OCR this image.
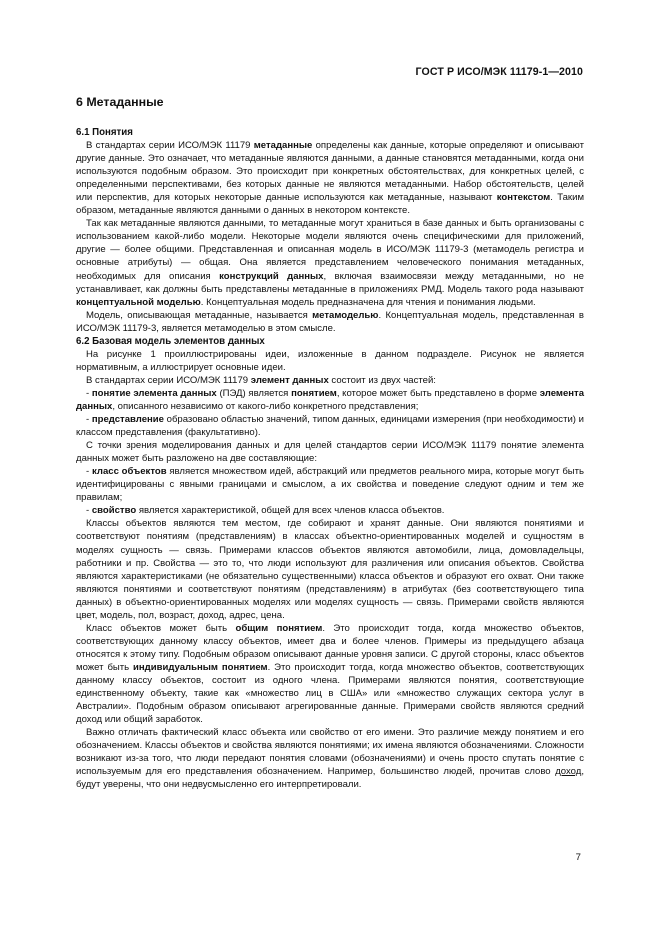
ГОСТ Р ИСО/МЭК 11179-1—2010
6 Метаданные

6.1 Понятия

В стандартах серии ИСО/МЭК 11179 метаданные определены как данные, которые определяют и описывают другие данные. Это означает, что метаданные являются данными, а данные становятся метаданными, когда они используются подобным образом. Это происходит при конкретных обстоятельствах, для конкретных целей, с определенными перспективами, без которых данные не являются метаданными. Набор обстоятельств, целей или перспектив, для которых некоторые данные используются как метаданные, называют контекстом. Таким образом, метаданные являются данными о данных в некотором контексте.

Так как метаданные являются данными, то метаданные могут храниться в базе данных и быть организованы с использованием какой-либо модели. Некоторые модели являются очень специфическими для приложений, другие — более общими. Представленная и описанная модель в ИСО/МЭК 11179-3 (метамодель регистра и основные атрибуты) — общая. Она является представлением человеческого понимания метаданных, необходимых для описания конструкций данных, включая взаимосвязи между метаданными, но не устанавливает, как должны быть представлены метаданные в приложениях РМД. Модель такого рода называют концептуальной моделью. Концептуальная модель предназначена для чтения и понимания людьми.

Модель, описывающая метаданные, называется метамоделью. Концептуальная модель, представленная в ИСО/МЭК 11179-3, является метамоделью в этом смысле.

6.2 Базовая модель элементов данных

На рисунке 1 проиллюстрированы идеи, изложенные в данном подразделе. Рисунок не является нормативным, а иллюстрирует основные идеи.

В стандартах серии ИСО/МЭК 11179 элемент данных состоит из двух частей:

- понятие элемента данных (ПЭД) является понятием, которое может быть представлено в форме элемента данных, описанного независимо от какого-либо конкретного представления;

- представление образовано областью значений, типом данных, единицами измерения (при необходимости) и классом представления (факультативно).

С точки зрения моделирования данных и для целей стандартов серии ИСО/МЭК 11179 понятие элемента данных может быть разложено на две составляющие:

- класс объектов является множеством идей, абстракций или предметов реального мира, которые могут быть идентифицированы с явными границами и смыслом, а их свойства и поведение следуют одним и тем же правилам;

- свойство является характеристикой, общей для всех членов класса объектов.

Классы объектов являются тем местом, где собирают и хранят данные. Они являются понятиями и соответствуют понятиям (представлениям) в классах объектно-ориентированных моделей и сущностям в моделях сущность — связь. Примерами классов объектов являются автомобили, лица, домовладельцы, работники и пр. Свойства — это то, что люди используют для различения или описания объектов. Свойства являются характеристиками (не обязательно существенными) класса объектов и образуют его охват. Они также являются понятиями и соответствуют понятиям (представлениям) в атрибутах (без соответствующего типа данных) в объектно-ориентированных моделях или моделях сущность — связь. Примерами свойств являются цвет, модель, пол, возраст, доход, адрес, цена.

Класс объектов может быть общим понятием. Это происходит тогда, когда множество объектов, соответствующих данному классу объектов, имеет два и более членов. Примеры из предыдущего абзаца относятся к этому типу. Подобным образом описывают данные уровня записи. С другой стороны, класс объектов может быть индивидуальным понятием. Это происходит тогда, когда множество объектов, соответствующих данному классу объектов, состоит из одного члена. Примерами являются понятия, соответствующие единственному объекту, такие как «множество лиц в США» или «множество служащих сектора услуг в Австралии». Подобным образом описывают агрегированные данные. Примерами свойств являются средний доход или общий заработок.

Важно отличать фактический класс объекта или свойство от его имени. Это различие между понятием и его обозначением. Классы объектов и свойства являются понятиями; их имена являются обозначениями. Сложности возникают из-за того, что люди передают понятия словами (обозначениями) и очень просто спутать понятие с используемым для его представления обозначением. Например, большинство людей, прочитав слово доход, будут уверены, что они недвусмысленно его интерпретировали.

7
